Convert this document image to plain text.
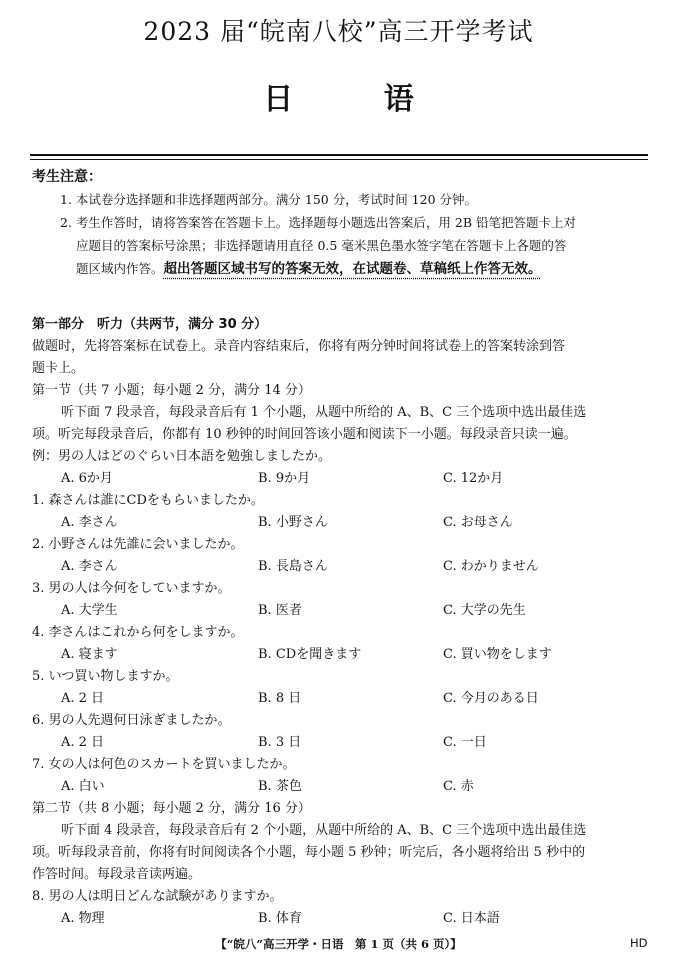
2023 届“皖南八校”高三开学考试
日 语
考生注意：
1. 本试卷分选择题和非选择题两部分。满分 150 分，考试时间 120 分钟。
2. 考生作答时，请将答案答在答题卡上。选择题每小题选出答案后，用 2B 铅笔把答题卡上对
应题目的答案标号涂黑；非选择题请用直径 0.5 毫米黑色墨水签字笔在答题卡上各题的答
题区域内作答。超出答题区域书写的答案无效，在试题卷、草稿纸上作答无效。
第一部分　听力（共两节，满分 30 分）
做题时，先将答案标在试卷上。录音内容结束后，你将有两分钟时间将试卷上的答案转涂到答
题卡上。
第一节（共 7 小题；每小题 2 分，满分 14 分）
听下面 7 段录音，每段录音后有 1 个小题，从题中所给的 A、B、C 三个选项中选出最佳选
项。听完每段录音后，你都有 10 秒钟的时间回答该小题和阅读下一小题。每段录音只读一遍。
例：男の人はどのぐらい日本語を勉強しましたか。
A. 6か月	B. 9か月	C. 12か月
1. 森さんは誰にCDをもらいましたか。
A. 李さん	B. 小野さん	C. お母さん
2. 小野さんは先誰に会いましたか。
A. 李さん	B. 長島さん	C. わかりません
3. 男の人は今何をしていますか。
A. 大学生	B. 医者	C. 大学の先生
4. 李さんはこれから何をしますか。
A. 寝ます	B. CDを聞きます	C. 買い物をします
5. いつ買い物しますか。
A. 2 日	B. 8 日	C. 今月のある日
6. 男の人先週何日泳ぎましたか。
A. 2 日	B. 3 日	C. 一日
7. 女の人は何色のスカートを買いましたか。
A. 白い	B. 茶色	C. 赤
第二节（共 8 小题；每小题 2 分，满分 16 分）
听下面 4 段录音，每段录音后有 2 个小题，从题中所给的 A、B、C 三个选项中选出最佳选
项。听每段录音前，你将有时间阅读各个小题，每小题 5 秒钟；听完后，各小题将给出 5 秒中的
作答时间。每段录音读两遍。
8. 男の人は明日どんな試験がありますか。
A. 物理	B. 体育	C. 日本語
【“皖八”高三开学・日语　第 1 页（共 6 页）】	HD
